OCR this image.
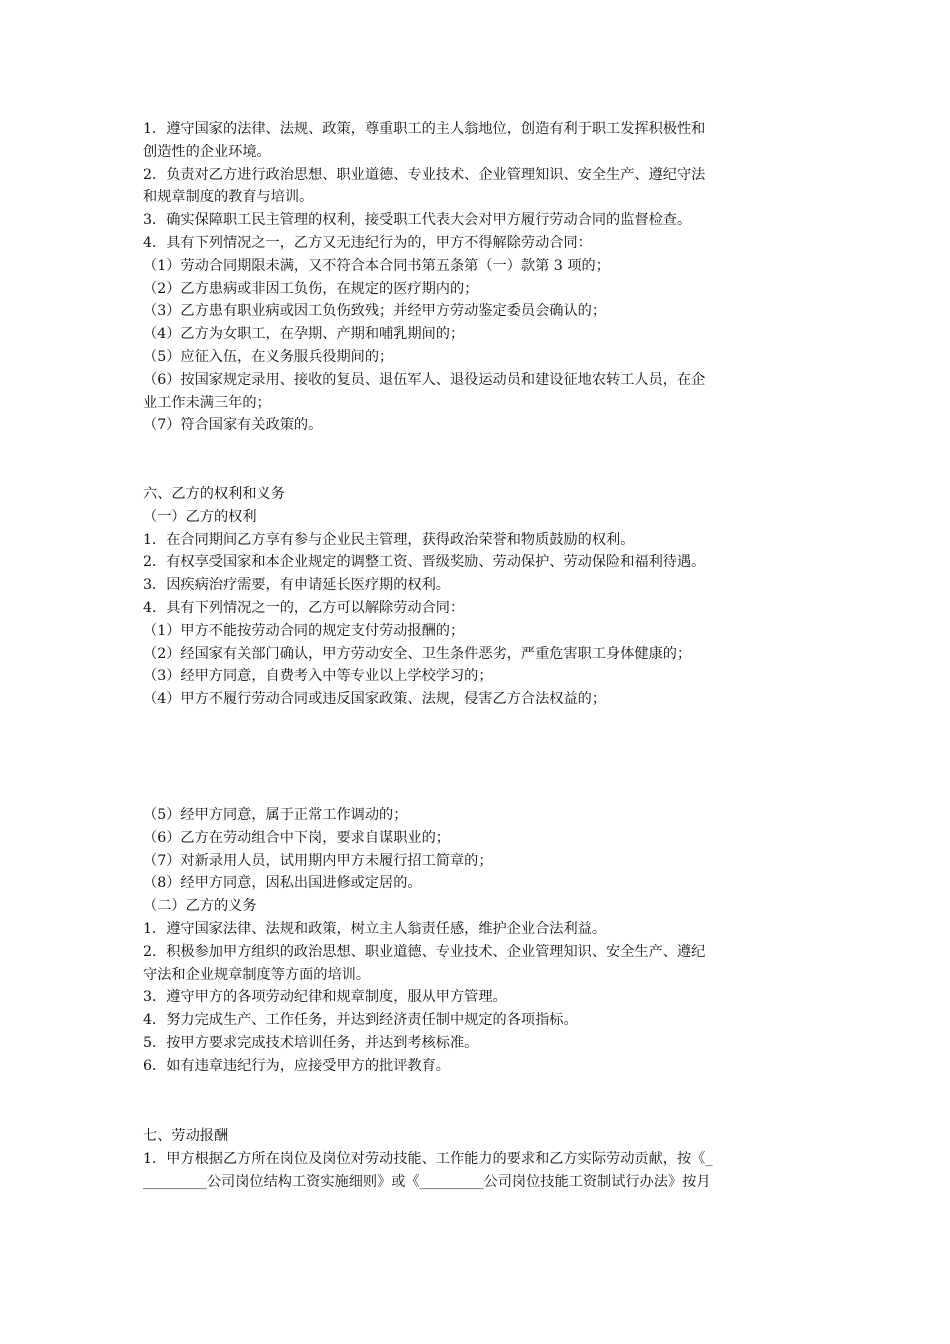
1．遵守国家的法律、法规、政策，尊重职工的主人翁地位，创造有利于职工发挥积极性和
创造性的企业环境。
2．负责对乙方进行政治思想、职业道德、专业技术、企业管理知识、安全生产、遵纪守法
和规章制度的教育与培训。
3．确实保障职工民主管理的权利，接受职工代表大会对甲方履行劳动合同的监督检查。
4．具有下列情况之一，乙方又无违纪行为的，甲方不得解除劳动合同：
（1）劳动合同期限未满，又不符合本合同书第五条第（一）款第 3 项的；
（2）乙方患病或非因工负伤，在规定的医疗期内的；
（3）乙方患有职业病或因工负伤致残；并经甲方劳动鉴定委员会确认的；
（4）乙方为女职工，在孕期、产期和哺乳期间的；
（5）应征入伍，在义务服兵役期间的；
（6）按国家规定录用、接收的复员、退伍军人、退役运动员和建设征地农转工人员，在企
业工作未满三年的；
（7）符合国家有关政策的。
六、乙方的权利和义务
（一）乙方的权利
1．在合同期间乙方享有参与企业民主管理，获得政治荣誉和物质鼓励的权利。
2．有权享受国家和本企业规定的调整工资、晋级奖励、劳动保护、劳动保险和福利待遇。
3．因疾病治疗需要，有申请延长医疗期的权利。
4．具有下列情况之一的，乙方可以解除劳动合同：
（1）甲方不能按劳动合同的规定支付劳动报酬的；
（2）经国家有关部门确认，甲方劳动安全、卫生条件恶劣，严重危害职工身体健康的；
（3）经甲方同意，自费考入中等专业以上学校学习的；
（4）甲方不履行劳动合同或违反国家政策、法规，侵害乙方合法权益的；
（5）经甲方同意，属于正常工作调动的；
（6）乙方在劳动组合中下岗，要求自谋职业的；
（7）对新录用人员，试用期内甲方未履行招工简章的；
（8）经甲方同意，因私出国进修或定居的。
（二）乙方的义务
1．遵守国家法律、法规和政策，树立主人翁责任感，维护企业合法利益。
2．积极参加甲方组织的政治思想、职业道德、专业技术、企业管理知识、安全生产、遵纪
守法和企业规章制度等方面的培训。
3．遵守甲方的各项劳动纪律和规章制度，服从甲方管理。
4．努力完成生产、工作任务，并达到经济责任制中规定的各项指标。
5．按甲方要求完成技术培训任务，并达到考核标准。
6．如有违章违纪行为，应接受甲方的批评教育。
七、劳动报酬
1．甲方根据乙方所在岗位及岗位对劳动技能、工作能力的要求和乙方实际劳动贡献，按《_
_________公司岗位结构工资实施细则》或《_________公司岗位技能工资制试行办法》按月
